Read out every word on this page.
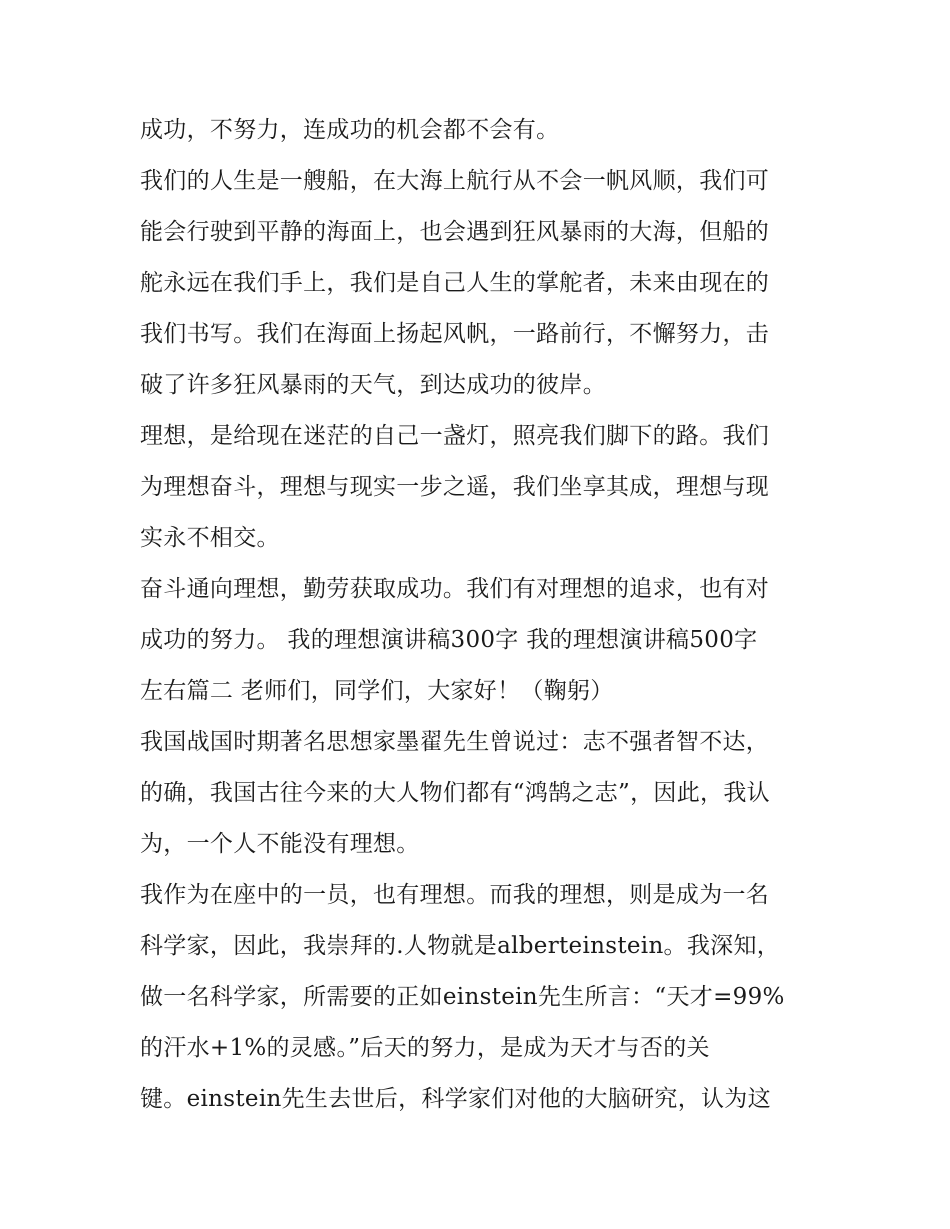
成功，不努力，连成功的机会都不会有。
我们的人生是一艘船，在大海上航行从不会一帆风顺，我们可
能会行驶到平静的海面上，也会遇到狂风暴雨的大海，但船的
舵永远在我们手上，我们是自己人生的掌舵者，未来由现在的
我们书写。我们在海面上扬起风帆，一路前行，不懈努力，击
破了许多狂风暴雨的天气，到达成功的彼岸。
理想，是给现在迷茫的自己一盏灯，照亮我们脚下的路。我们
为理想奋斗，理想与现实一步之遥，我们坐享其成，理想与现
实永不相交。
奋斗通向理想，勤劳获取成功。我们有对理想的追求，也有对
成功的努力。 我的理想演讲稿300字 我的理想演讲稿500字
左右篇二 老师们，同学们，大家好！（鞠躬）
我国战国时期著名思想家墨翟先生曾说过：志不强者智不达，
的确，我国古往今来的大人物们都有“鸿鹄之志”，因此，我认
为，一个人不能没有理想。
我作为在座中的一员，也有理想。而我的理想，则是成为一名
科学家，因此，我崇拜的.人物就是alberteinstein。我深知，
做一名科学家，所需要的正如einstein先生所言：“天才=99%
的汗水+1%的灵感。”后天的努力，是成为天才与否的关
键。einstein先生去世后，科学家们对他的大脑研究，认为这
